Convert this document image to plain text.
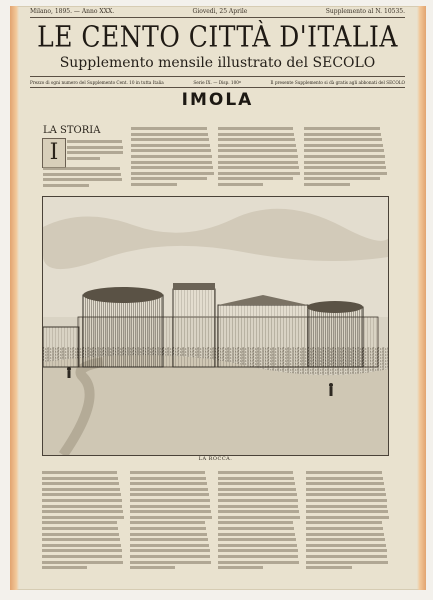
Milano, 1895. — Anno XXX.	Giovedì, 25 Aprile	Supplemento al N. 10535.
LE CENTO CITTÀ D'ITALIA
Supplemento mensile illustrato del SECOLO
Prezzo di ogni numero del Supplemento Cent. 10 in tutta Italia	Serie IX. — Disp. 100ª	Il presente Supplemento si dà gratis agli abbonati del SECOLO
IMOLA
LA STORIA
I
LA ROCCA.
